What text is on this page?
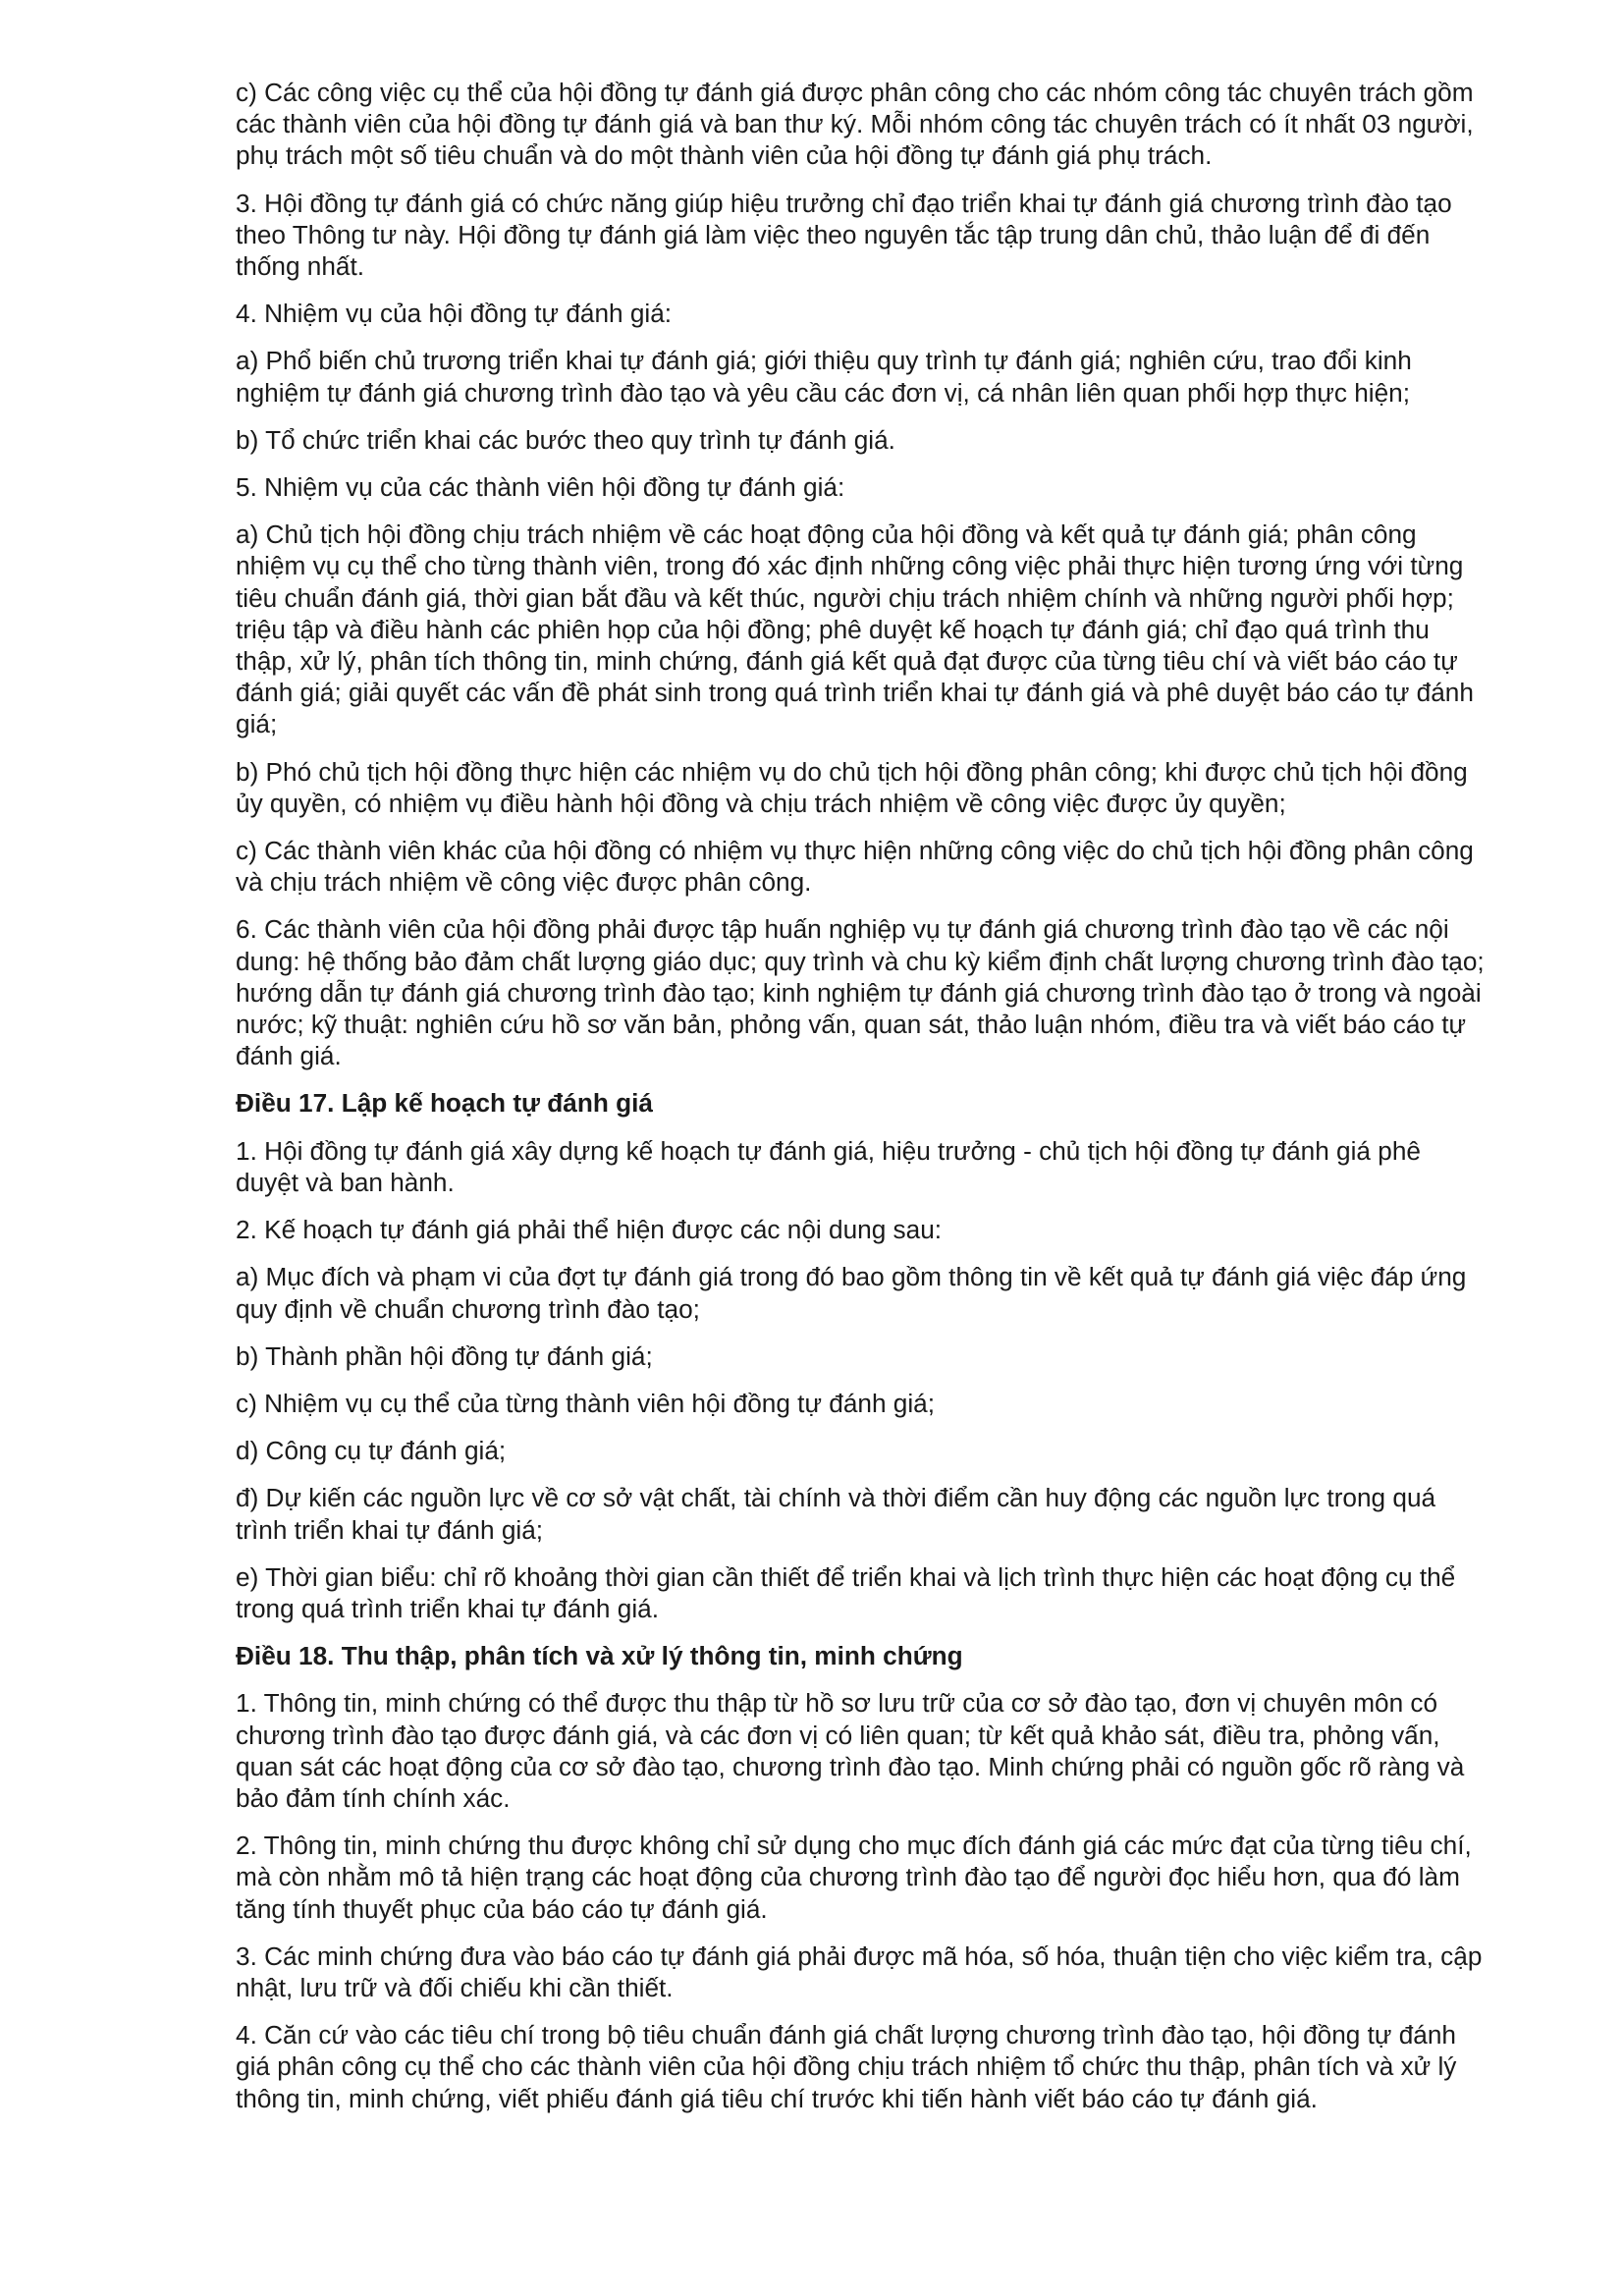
c) Các công việc cụ thể của hội đồng tự đánh giá được phân công cho các nhóm công tác chuyên trách gồm các thành viên của hội đồng tự đánh giá và ban thư ký. Mỗi nhóm công tác chuyên trách có ít nhất 03 người, phụ trách một số tiêu chuẩn và do một thành viên của hội đồng tự đánh giá phụ trách.

3. Hội đồng tự đánh giá có chức năng giúp hiệu trưởng chỉ đạo triển khai tự đánh giá chương trình đào tạo theo Thông tư này. Hội đồng tự đánh giá làm việc theo nguyên tắc tập trung dân chủ, thảo luận để đi đến thống nhất.

4. Nhiệm vụ của hội đồng tự đánh giá:

a) Phổ biến chủ trương triển khai tự đánh giá; giới thiệu quy trình tự đánh giá; nghiên cứu, trao đổi kinh nghiệm tự đánh giá chương trình đào tạo và yêu cầu các đơn vị, cá nhân liên quan phối hợp thực hiện;

b) Tổ chức triển khai các bước theo quy trình tự đánh giá.

5. Nhiệm vụ của các thành viên hội đồng tự đánh giá:

a) Chủ tịch hội đồng chịu trách nhiệm về các hoạt động của hội đồng và kết quả tự đánh giá; phân công nhiệm vụ cụ thể cho từng thành viên, trong đó xác định những công việc phải thực hiện tương ứng với từng tiêu chuẩn đánh giá, thời gian bắt đầu và kết thúc, người chịu trách nhiệm chính và những người phối hợp; triệu tập và điều hành các phiên họp của hội đồng; phê duyệt kế hoạch tự đánh giá; chỉ đạo quá trình thu thập, xử lý, phân tích thông tin, minh chứng, đánh giá kết quả đạt được của từng tiêu chí và viết báo cáo tự đánh giá; giải quyết các vấn đề phát sinh trong quá trình triển khai tự đánh giá và phê duyệt báo cáo tự đánh giá;

b) Phó chủ tịch hội đồng thực hiện các nhiệm vụ do chủ tịch hội đồng phân công; khi được chủ tịch hội đồng ủy quyền, có nhiệm vụ điều hành hội đồng và chịu trách nhiệm về công việc được ủy quyền;

c) Các thành viên khác của hội đồng có nhiệm vụ thực hiện những công việc do chủ tịch hội đồng phân công và chịu trách nhiệm về công việc được phân công.

6. Các thành viên của hội đồng phải được tập huấn nghiệp vụ tự đánh giá chương trình đào tạo về các nội dung: hệ thống bảo đảm chất lượng giáo dục; quy trình và chu kỳ kiểm định chất lượng chương trình đào tạo; hướng dẫn tự đánh giá chương trình đào tạo; kinh nghiệm tự đánh giá chương trình đào tạo ở trong và ngoài nước; kỹ thuật: nghiên cứu hồ sơ văn bản, phỏng vấn, quan sát, thảo luận nhóm, điều tra và viết báo cáo tự đánh giá.

Điều 17. Lập kế hoạch tự đánh giá

1. Hội đồng tự đánh giá xây dựng kế hoạch tự đánh giá, hiệu trưởng - chủ tịch hội đồng tự đánh giá phê duyệt và ban hành.

2. Kế hoạch tự đánh giá phải thể hiện được các nội dung sau:

a) Mục đích và phạm vi của đợt tự đánh giá trong đó bao gồm thông tin về kết quả tự đánh giá việc đáp ứng quy định về chuẩn chương trình đào tạo;

b) Thành phần hội đồng tự đánh giá;

c) Nhiệm vụ cụ thể của từng thành viên hội đồng tự đánh giá;

d) Công cụ tự đánh giá;

đ) Dự kiến các nguồn lực về cơ sở vật chất, tài chính và thời điểm cần huy động các nguồn lực trong quá trình triển khai tự đánh giá;

e) Thời gian biểu: chỉ rõ khoảng thời gian cần thiết để triển khai và lịch trình thực hiện các hoạt động cụ thể trong quá trình triển khai tự đánh giá.

Điều 18. Thu thập, phân tích và xử lý thông tin, minh chứng

1. Thông tin, minh chứng có thể được thu thập từ hồ sơ lưu trữ của cơ sở đào tạo, đơn vị chuyên môn có chương trình đào tạo được đánh giá, và các đơn vị có liên quan; từ kết quả khảo sát, điều tra, phỏng vấn, quan sát các hoạt động của cơ sở đào tạo, chương trình đào tạo. Minh chứng phải có nguồn gốc rõ ràng và bảo đảm tính chính xác.

2. Thông tin, minh chứng thu được không chỉ sử dụng cho mục đích đánh giá các mức đạt của từng tiêu chí, mà còn nhằm mô tả hiện trạng các hoạt động của chương trình đào tạo để người đọc hiểu hơn, qua đó làm tăng tính thuyết phục của báo cáo tự đánh giá.

3. Các minh chứng đưa vào báo cáo tự đánh giá phải được mã hóa, số hóa, thuận tiện cho việc kiểm tra, cập nhật, lưu trữ và đối chiếu khi cần thiết.

4. Căn cứ vào các tiêu chí trong bộ tiêu chuẩn đánh giá chất lượng chương trình đào tạo, hội đồng tự đánh giá phân công cụ thể cho các thành viên của hội đồng chịu trách nhiệm tổ chức thu thập, phân tích và xử lý thông tin, minh chứng, viết phiếu đánh giá tiêu chí trước khi tiến hành viết báo cáo tự đánh giá.
